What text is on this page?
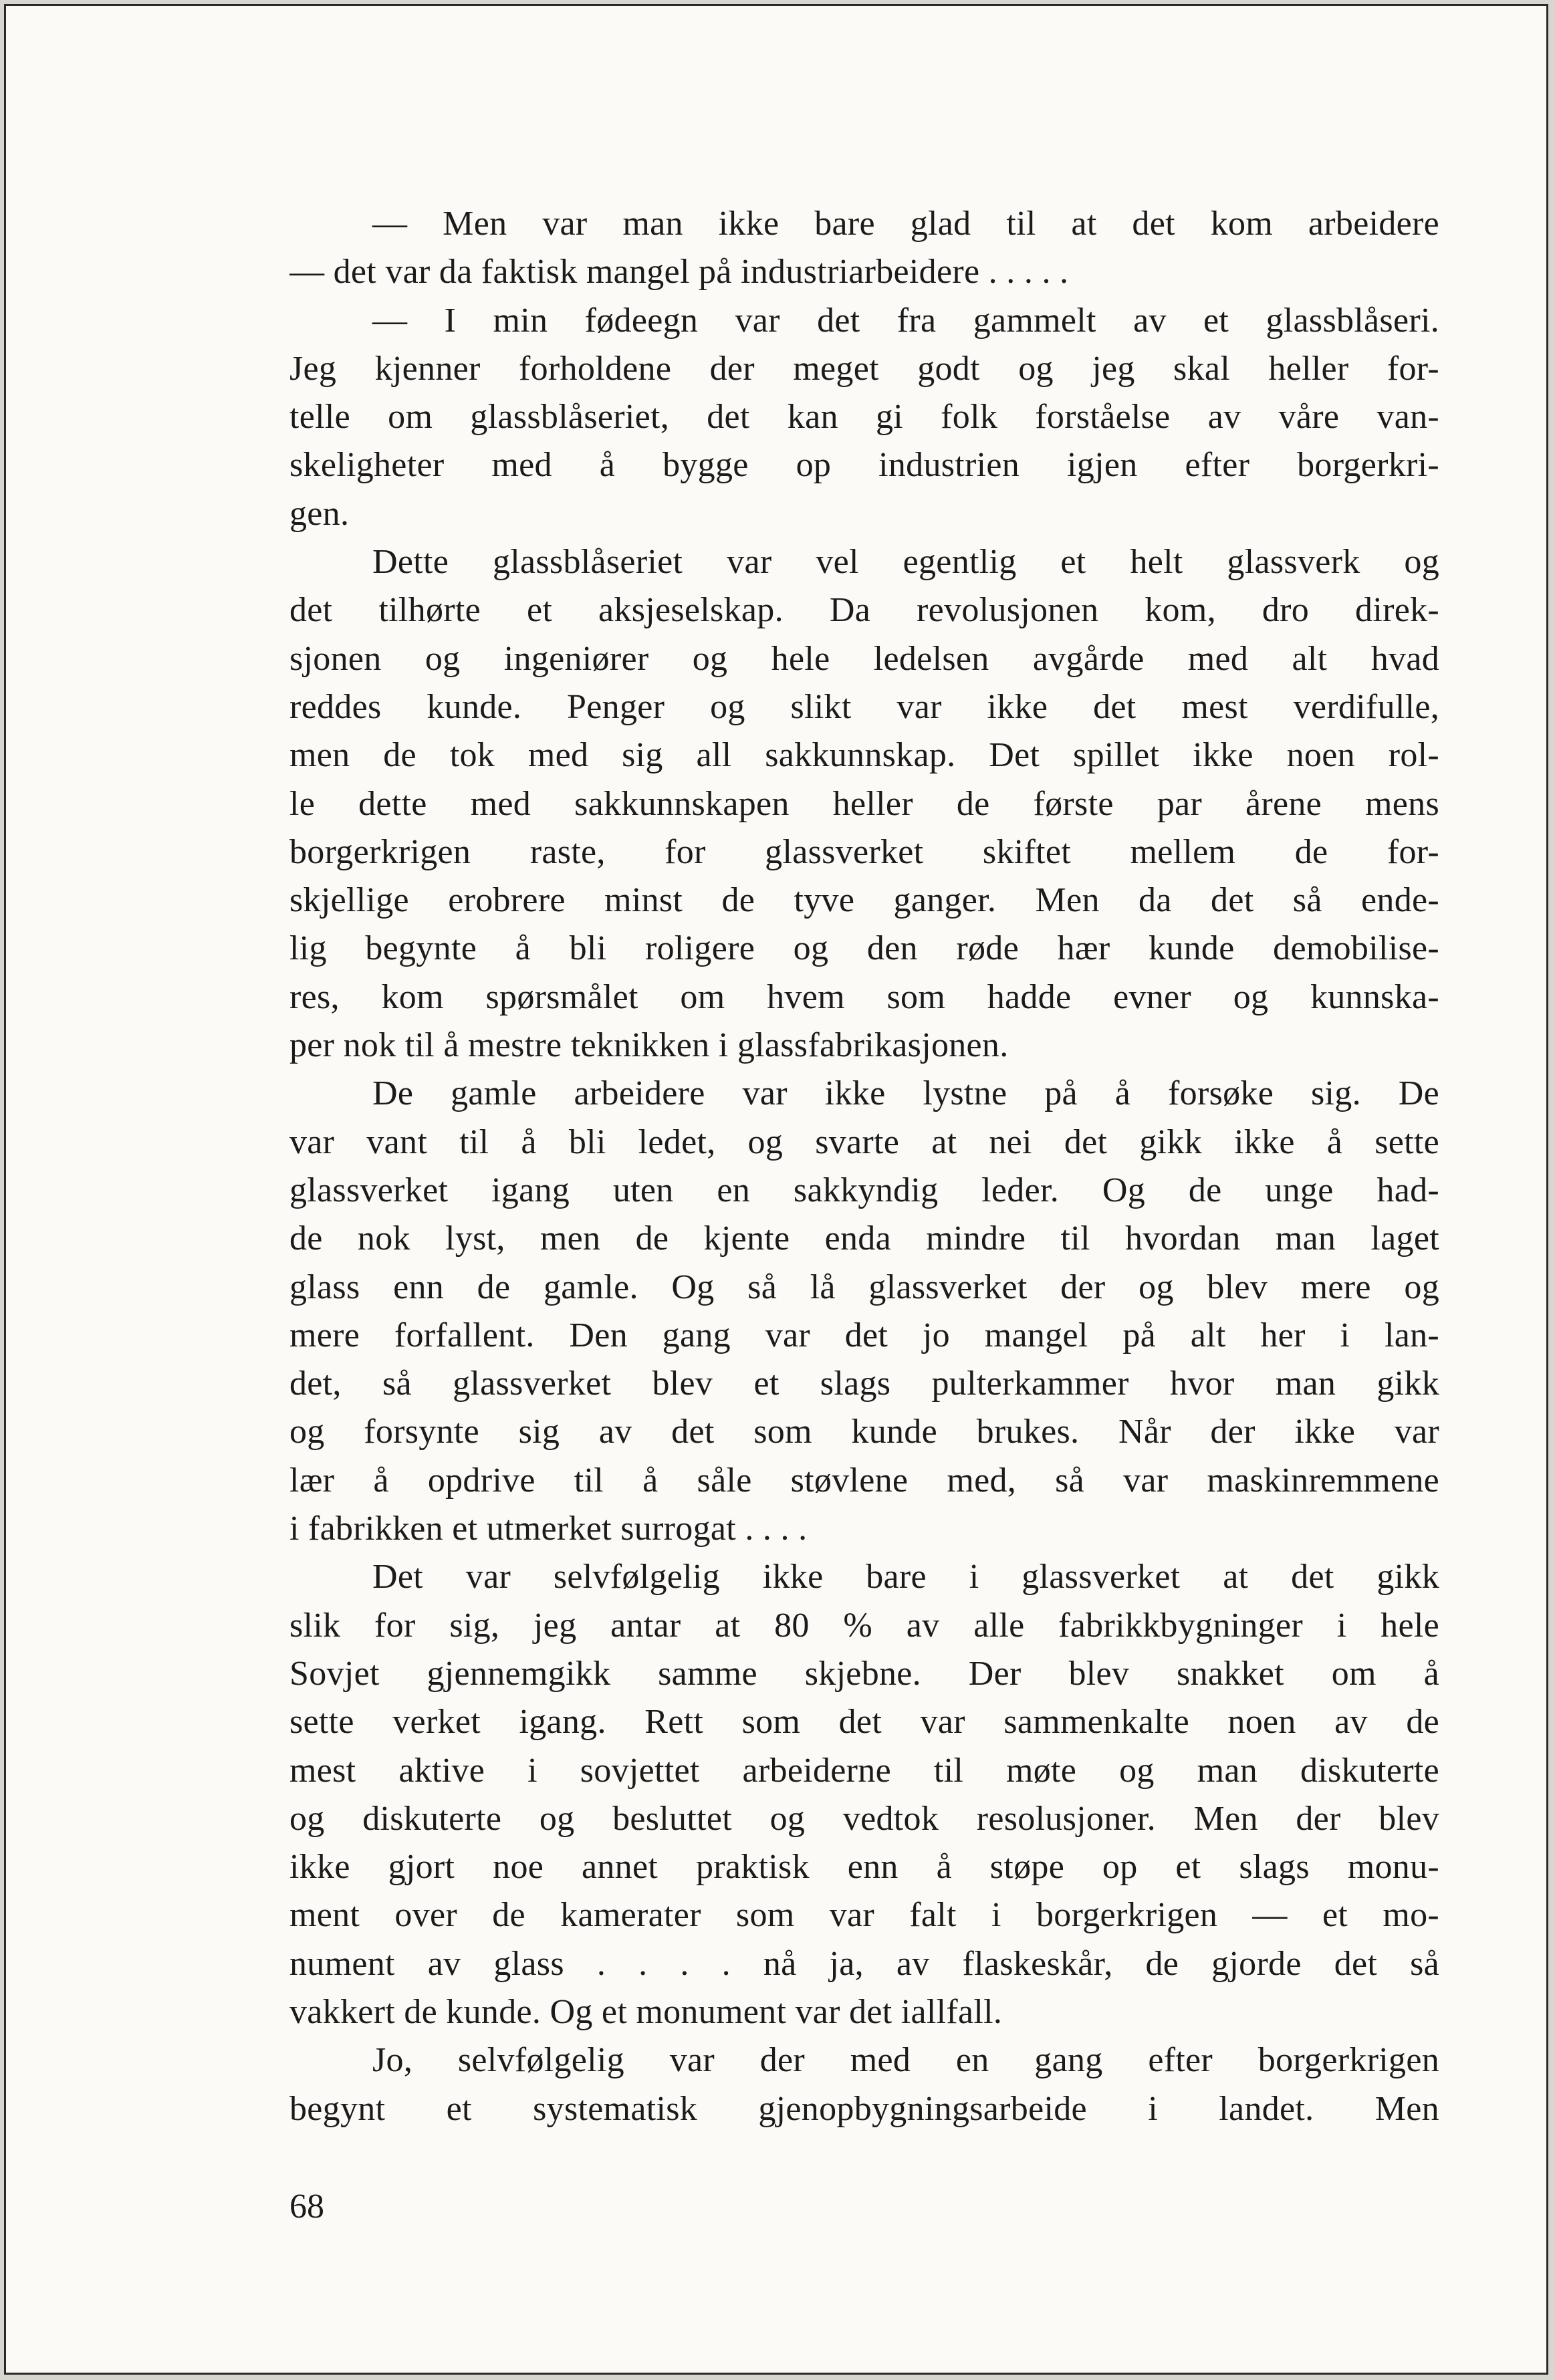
— Men var man ikke bare glad til at det kom arbeidere
— det var da faktisk mangel på industriarbeidere . . . . .
— I min fødeegn var det fra gammelt av et glassblåseri.
Jeg kjenner forholdene der meget godt og jeg skal heller for-
telle om glassblåseriet, det kan gi folk forståelse av våre van-
skeligheter med å bygge op industrien igjen efter borgerkri-
gen.
Dette glassblåseriet var vel egentlig et helt glassverk og
det tilhørte et aksjeselskap. Da revolusjonen kom, dro direk-
sjonen og ingeniører og hele ledelsen avgårde med alt hvad
reddes kunde. Penger og slikt var ikke det mest verdifulle,
men de tok med sig all sakkunnskap. Det spillet ikke noen rol-
le dette med sakkunnskapen heller de første par årene mens
borgerkrigen raste, for glassverket skiftet mellem de for-
skjellige erobrere minst de tyve ganger. Men da det så ende-
lig begynte å bli roligere og den røde hær kunde demobilise-
res, kom spørsmålet om hvem som hadde evner og kunnska-
per nok til å mestre teknikken i glassfabrikasjonen.
De gamle arbeidere var ikke lystne på å forsøke sig. De
var vant til å bli ledet, og svarte at nei det gikk ikke å sette
glassverket igang uten en sakkyndig leder. Og de unge had-
de nok lyst, men de kjente enda mindre til hvordan man laget
glass enn de gamle. Og så lå glassverket der og blev mere og
mere forfallent. Den gang var det jo mangel på alt her i lan-
det, så glassverket blev et slags pulterkammer hvor man gikk
og forsynte sig av det som kunde brukes. Når der ikke var
lær å opdrive til å såle støvlene med, så var maskinremmene
i fabrikken et utmerket surrogat . . . .
Det var selvfølgelig ikke bare i glassverket at det gikk
slik for sig, jeg antar at 80 % av alle fabrikkbygninger i hele
Sovjet gjennemgikk samme skjebne. Der blev snakket om å
sette verket igang. Rett som det var sammenkalte noen av de
mest aktive i sovjettet arbeiderne til møte og man diskuterte
og diskuterte og besluttet og vedtok resolusjoner. Men der blev
ikke gjort noe annet praktisk enn å støpe op et slags monu-
ment over de kamerater som var falt i borgerkrigen — et mo-
nument av glass . . . . nå ja, av flaskeskår, de gjorde det så
vakkert de kunde. Og et monument var det iallfall.
Jo, selvfølgelig var der med en gang efter borgerkrigen
begynt et systematisk gjenopbygningsarbeide i landet. Men
68
